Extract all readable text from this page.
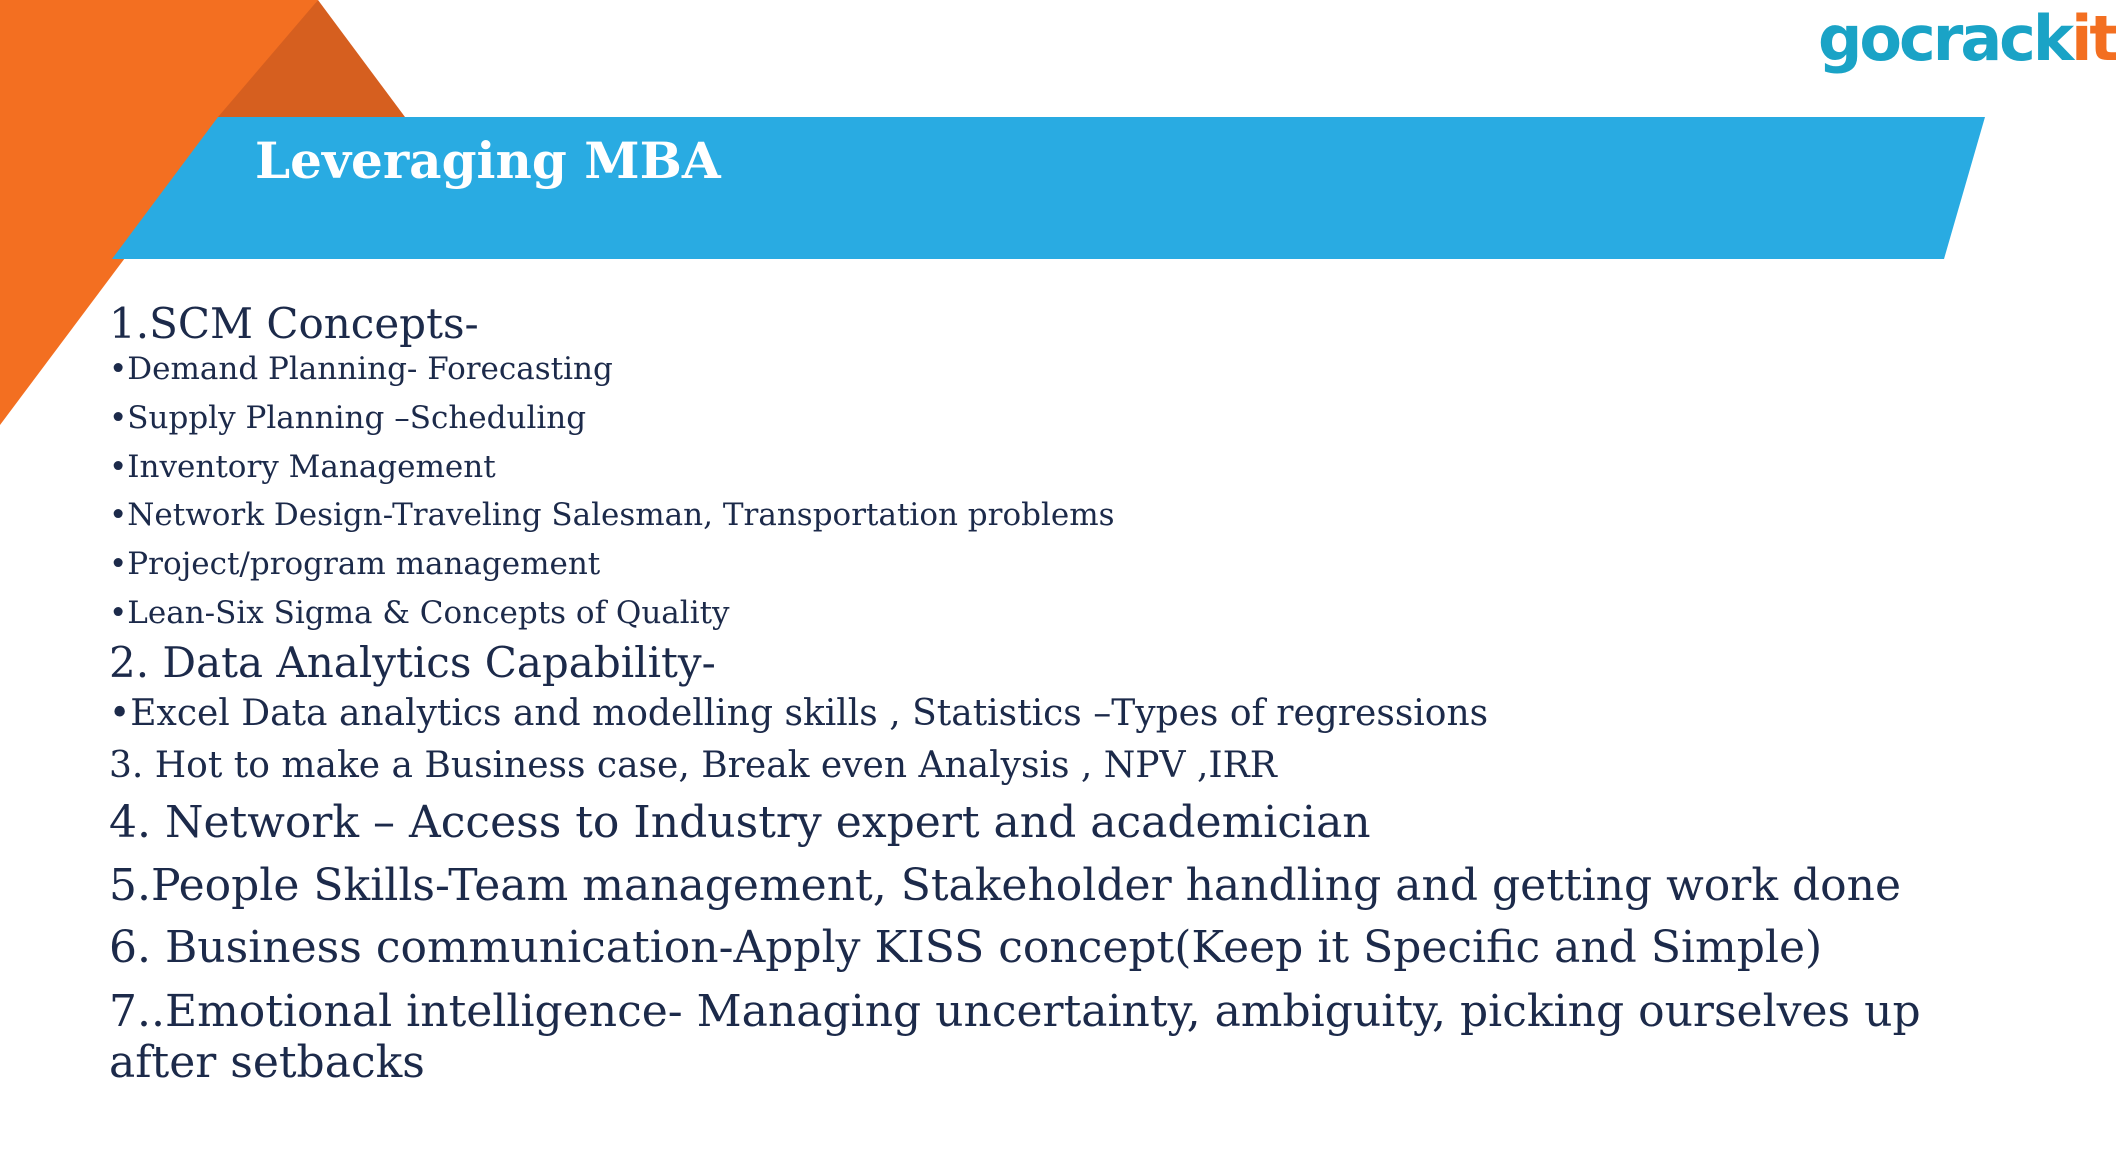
gocrackit
Leveraging MBA
1.SCM Concepts-
•Demand Planning- Forecasting
•Supply Planning –Scheduling
•Inventory Management
•Network Design-Traveling Salesman, Transportation problems
•Project/program management
•Lean-Six Sigma & Concepts of Quality
2. Data Analytics Capability-
•Excel Data analytics and modelling skills , Statistics –Types of regressions
3. Hot to make a Business case, Break even Analysis , NPV ,IRR
4. Network – Access to Industry expert and academician
5.People Skills-Team management, Stakeholder handling and getting work done
6. Business communication-Apply KISS concept(Keep it Specific and Simple)
7..Emotional intelligence- Managing uncertainty, ambiguity, picking ourselves up after setbacks
